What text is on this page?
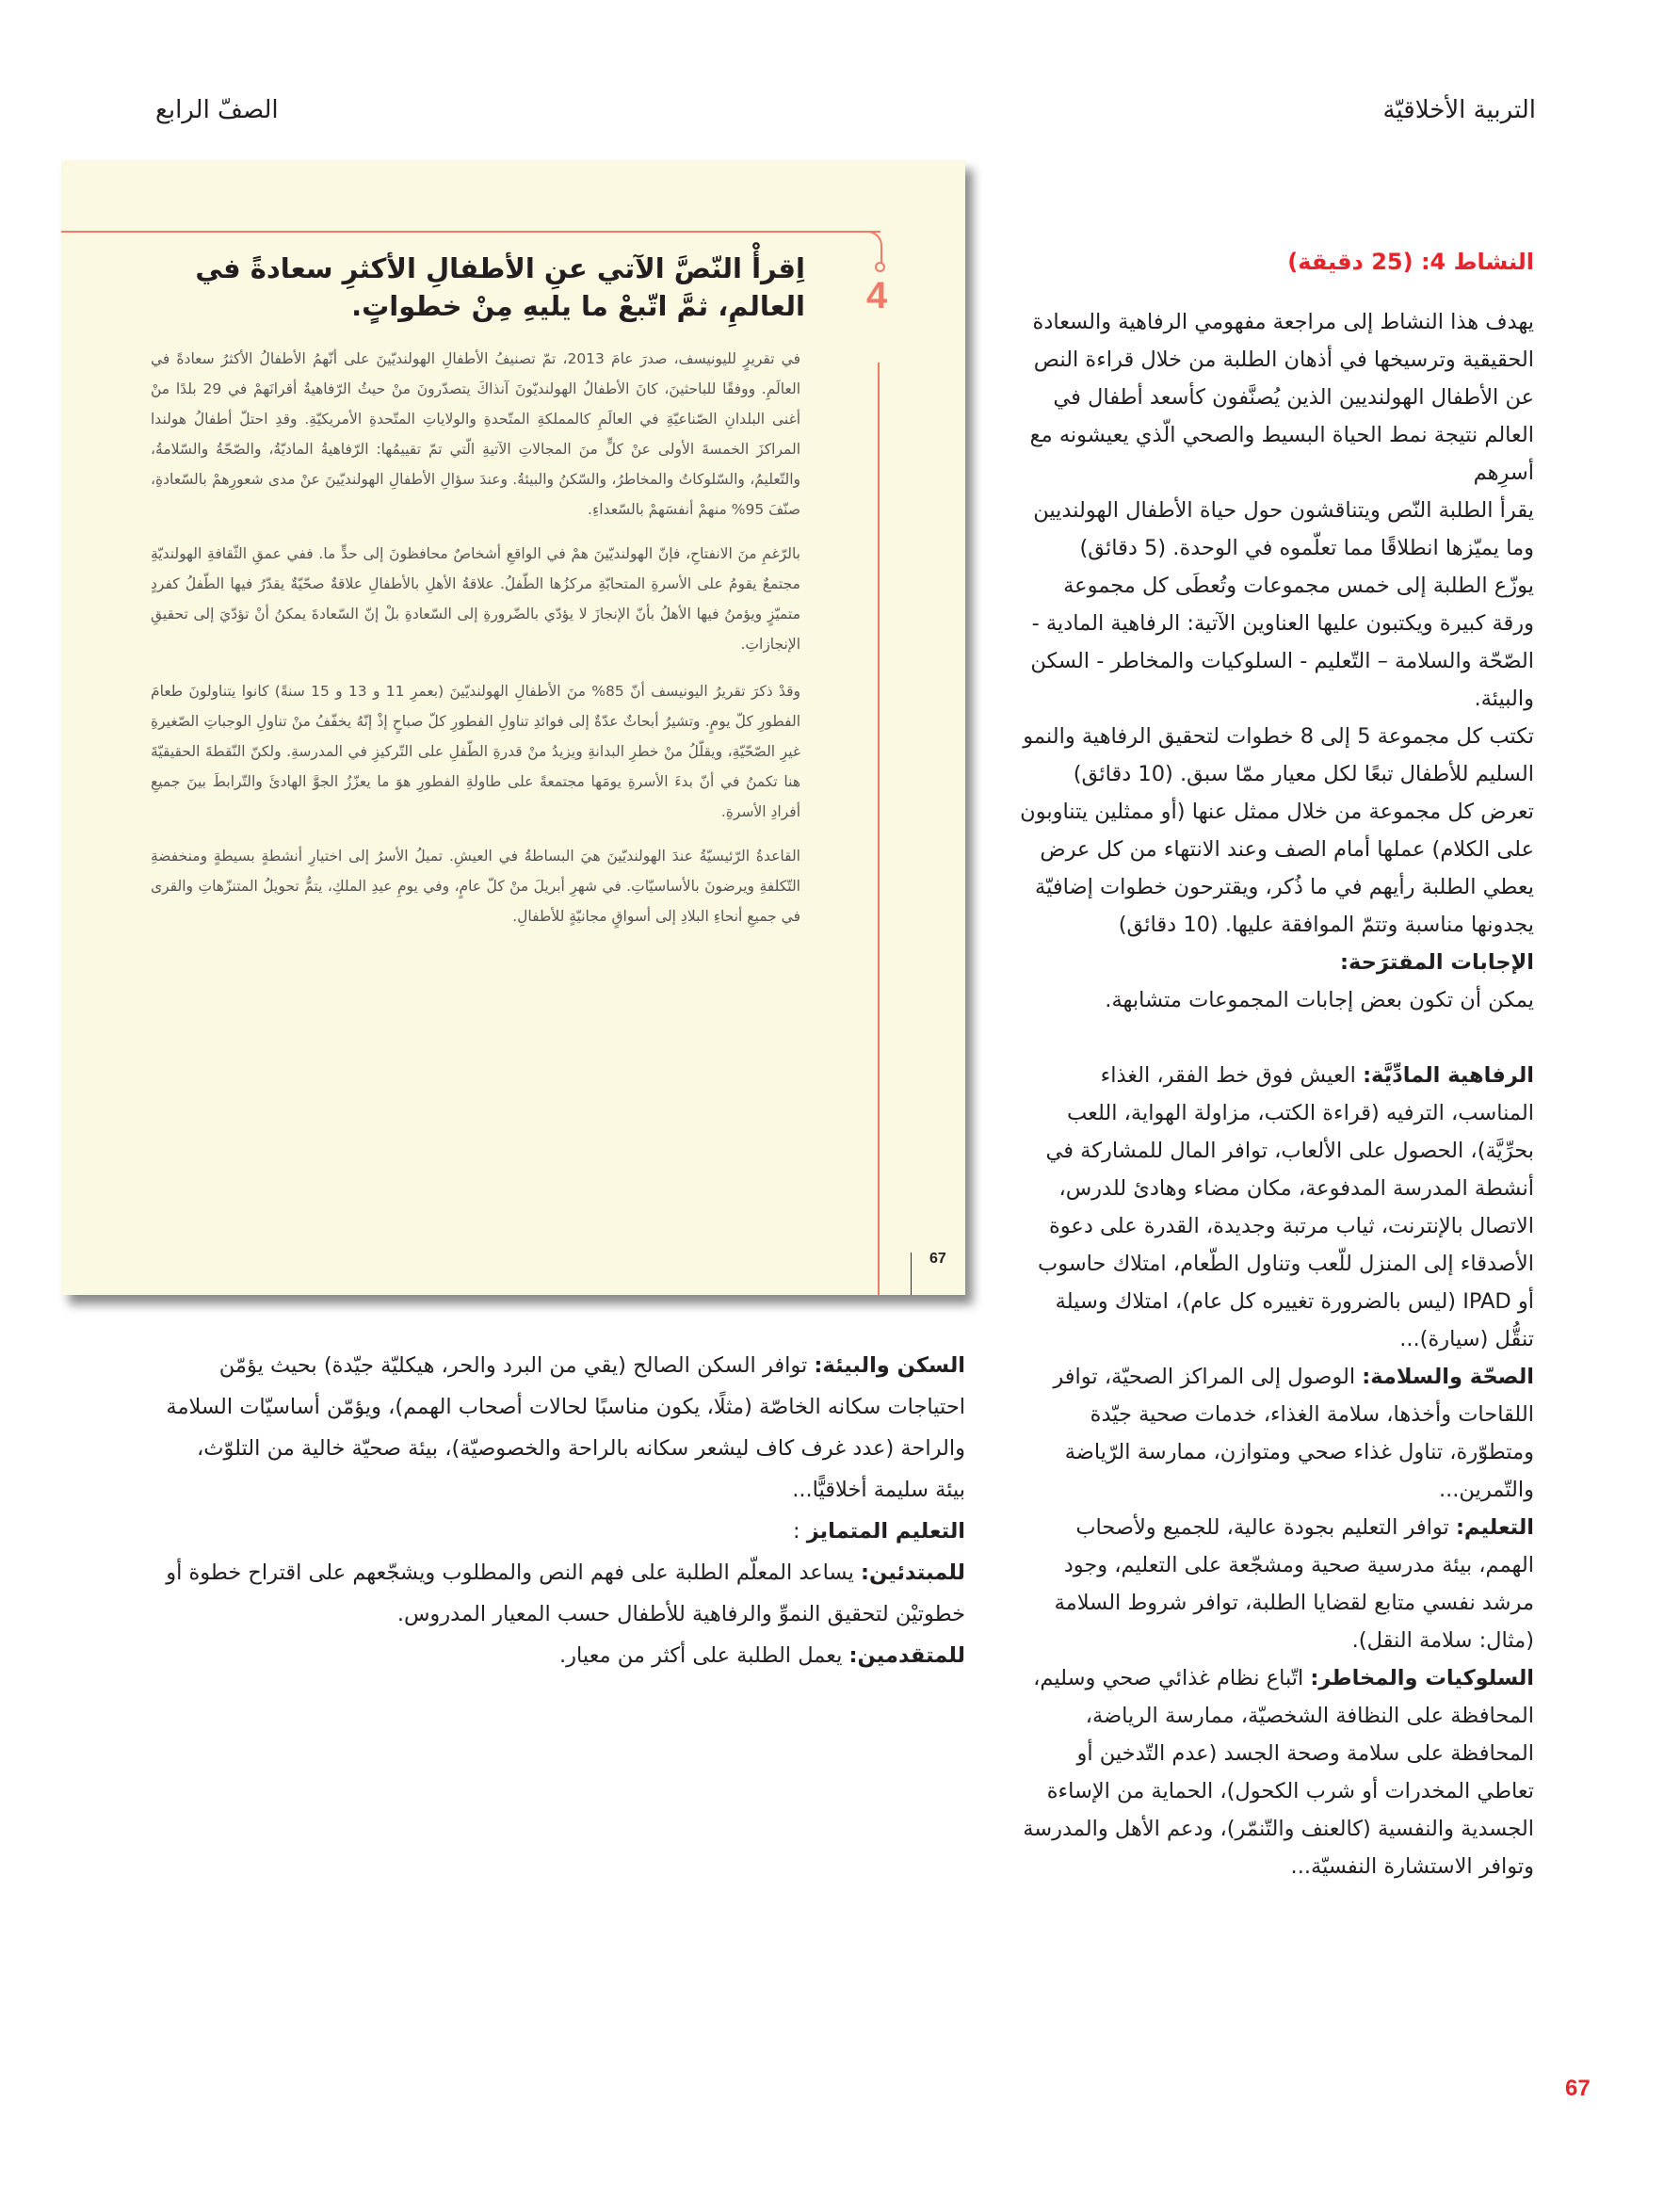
التربية الأخلاقيّة
الصفّ الرابع
4
اِقرأْ النّصَّ الآتي عنِ الأطفالِ الأكثرِ سعادةً في العالمِ، ثمَّ اتّبعْ ما يليهِ مِنْ خطواتٍ.
في تقريرٍ لليونيسف، صدرَ عامَ 2013، تمّ تصنيفُ الأطفالِ الهولنديّينَ على أنّهمُ الأطفالُ الأكثرُ سعادةً في العالَمِ. ووفقًا للباحثينَ، كانَ الأطفالُ الهولنديّونَ آنذاكَ يتصدّرونَ منْ حيثُ الرّفاهيةُ أقرانَهمْ في 29 بلدًا منْ أغنى البلدانِ الصّناعيّةِ في العالَمِ كالمملكةِ المتّحدةِ والولاياتِ المتّحدةِ الأمريكيّةِ. وقدِ احتلّ أطفالُ هولندا المراكزَ الخمسةَ الأولى عنْ كلٍّ منَ المجالاتِ الآتيةِ الّتي تمّ تقييمُها: الرّفاهيةُ الماديّةُ، والصّحّةُ والسّلامةُ، والتّعليمُ، والسّلوكاتُ والمخاطرُ، والسّكنُ والبيئةُ. وعندَ سؤالِ الأطفالِ الهولنديّينَ عنْ مدى شعورِهمْ بالسّعادةِ، صنّفَ 95% منهمْ أنفسَهمْ بالسّعداءِ.
بالرّغمِ منَ الانفتاحِ، فإنّ الهولنديّينَ همْ في الواقعِ أشخاصٌ محافظونَ إلى حدٍّ ما. ففي عمقِ الثّقافةِ الهولنديّةِ مجتمعٌ يقومُ على الأسرةِ المتحابّةِ مركزُها الطّفلُ. علاقةُ الأهلِ بالأطفالِ علاقةٌ صحّيّةٌ يقدّرُ فيها الطّفلُ كفردٍ متميّزٍ ويؤمنُ فيها الأهلُ بأنّ الإنجازَ لا يؤدّي بالضّرورةِ إلى السّعادةِ بلْ إنّ السّعادةَ يمكنُ أنْ تؤدّيَ إلى تحقيقِ الإنجازاتِ.
وقدْ ذكرَ تقريرُ اليونيسف أنّ 85% منَ الأطفالِ الهولنديّينَ (بعمرِ 11 و 13 و 15 سنةً) كانوا يتناولونَ طعامَ الفطورِ كلّ يومٍ. وتشيرُ أبحاثٌ عدّةٌ إلى فوائدِ تناولِ الفطورِ كلّ صباحٍ إذْ إنّهُ يخفّفُ منْ تناولِ الوجباتِ الصّغيرةِ غيرِ الصّحّيّةِ، ويقلّلُ منْ خطرِ البدانةِ ويزيدُ منْ قدرةِ الطّفلِ على التّركيزِ في المدرسةِ. ولكنّ النّقطةَ الحقيقيّةَ هنا تكمنُ في أنّ بدءَ الأسرةِ يومَها مجتمعةً على طاولةِ الفطورِ هوَ ما يعزّزُ الجوَّ الهادئَ والتّرابطَ بينَ جميعِ أفرادِ الأسرةِ.
القاعدةُ الرّئيسيّةُ عندَ الهولنديّينَ هيَ البساطةُ في العيشِ. تميلُ الأسرُ إلى اختيارِ أنشطةٍ بسيطةٍ ومنخفضةِ التّكلفةِ ويرضونَ بالأساسيّاتِ. في شهرِ أبريلَ منْ كلّ عامٍ، وفي يومِ عيدِ الملكِ، يتمُّ تحويلُ المتنزّهاتِ والقرى في جميعِ أنحاءِ البلادِ إلى أسواقٍ مجانيّةٍ للأطفالِ.
67
النشاط 4: (25 دقيقة)

يهدف هذا النشاط إلى مراجعة مفهومي الرفاهية والسعادة الحقيقية وترسيخها في أذهان الطلبة من خلال قراءة النص عن الأطفال الهولنديين الذين يُصنَّفون كأسعد أطفال في العالم نتيجة نمط الحياة البسيط والصحي الّذي يعيشونه مع أسرِهم

يقرأ الطلبة النّص ويتناقشون حول حياة الأطفال الهولنديين وما يميّزها انطلاقًا مما تعلّموه في الوحدة. (5 دقائق)

يوزّع الطلبة إلى خمس مجموعات وتُعطَى كل مجموعة ورقة كبيرة ويكتبون عليها العناوين الآتية: الرفاهية المادية - الصّحّة والسلامة – التّعليم - السلوكيات والمخاطر - السكن والبيئة.

تكتب كل مجموعة 5 إلى 8 خطوات لتحقيق الرفاهية والنمو السليم للأطفال تبعًا لكل معيار ممّا سبق. (10 دقائق)

تعرض كل مجموعة من خلال ممثل عنها (أو ممثلين يتناوبون على الكلام) عملها أمام الصف وعند الانتهاء من كل عرض يعطي الطلبة رأيهم في ما ذُكر، ويقترحون خطوات إضافيّة يجدونها مناسبة وتتمّ الموافقة عليها. (10 دقائق)

الإجابات المقترَحة:

يمكن أن تكون بعض إجابات المجموعات متشابهة.

الرفاهية المادِّيَّة: العيش فوق خط الفقر، الغذاء المناسب، الترفيه (قراءة الكتب، مزاولة الهواية، اللعب بحرِّيَّة)، الحصول على الألعاب، توافر المال للمشاركة في أنشطة المدرسة المدفوعة، مكان مضاء وهادئ للدرس، الاتصال بالإنترنت، ثياب مرتبة وجديدة، القدرة على دعوة الأصدقاء إلى المنزل للّعب وتناول الطّعام، امتلاك حاسوب أو IPAD (ليس بالضرورة تغييره كل عام)، امتلاك وسيلة تنقُّل (سيارة)...

الصحّة والسلامة: الوصول إلى المراكز الصحيّة، توافر اللقاحات وأخذها، سلامة الغذاء، خدمات صحية جيّدة ومتطوّرة، تناول غذاء صحي ومتوازن، ممارسة الرّياضة والتّمرين...

التعليم: توافر التعليم بجودة عالية، للجميع ولأصحاب الهمم، بيئة مدرسية صحية ومشجّعة على التعليم، وجود مرشد نفسي متابع لقضايا الطلبة، توافر شروط السلامة (مثال: سلامة النقل).

السلوكيات والمخاطر: اتّباع نظام غذائي صحي وسليم، المحافظة على النظافة الشخصيّة، ممارسة الرياضة، المحافظة على سلامة وصحة الجسد (عدم التّدخين أو تعاطي المخدرات أو شرب الكحول)، الحماية من الإساءة الجسدية والنفسية (كالعنف والتّنمّر)، ودعم الأهل والمدرسة وتوافر الاستشارة النفسيّة...

السكن والبيئة: توافر السكن الصالح (يقي من البرد والحر، هيكليّة جيّدة) بحيث يؤمّن احتياجات سكانه الخاصّة (مثلًا، يكون مناسبًا لحالات أصحاب الهمم)، ويؤمّن أساسيّات السلامة والراحة (عدد غرف كاف ليشعر سكانه بالراحة والخصوصيّة)، بيئة صحيّة خالية من التلوّث، بيئة سليمة أخلاقيًّا...

التعليم المتمايز :

للمبتدئين: يساعد المعلّم الطلبة على فهم النص والمطلوب ويشجّعهم على اقتراح خطوة أو خطوتيْن لتحقيق النموِّ والرفاهية للأطفال حسب المعيار المدروس.

للمتقدمين: يعمل الطلبة على أكثر من معيار.

67
